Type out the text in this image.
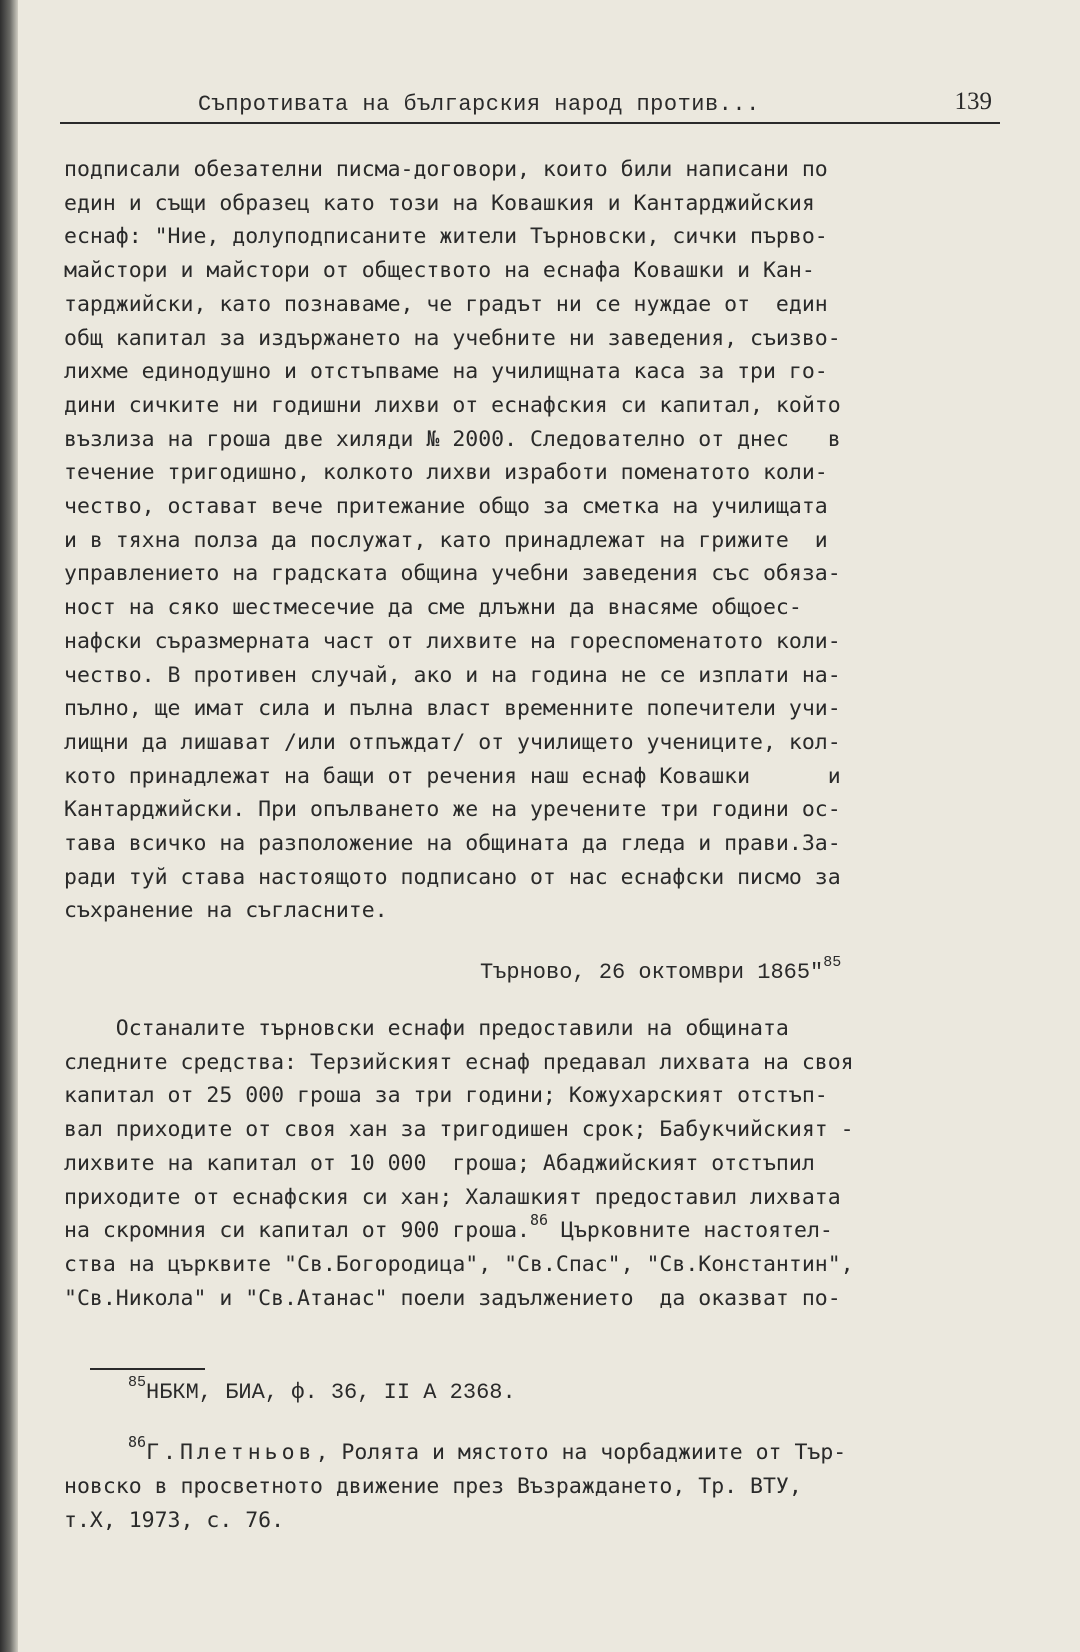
Съпротивата на българския народ против...	139
подписали обезателни писма-договори, които били написани по
един и същи образец като този на Ковашкия и Кантарджийския
еснаф: "Ние, долуподписаните жители Търновски, сички първо-
майстори и майстори от обществото на еснафа Ковашки и Кан-
тарджийски, като познаваме, че градът ни се нуждае от  един
общ капитал за издържането на учебните ни заведения, съизво-
лихме единодушно и отстъпваме на училищната каса за три го-
дини сичките ни годишни лихви от еснафския си капитал, който
възлиза на гроша две хиляди № 2000. Следователно от днес   в
течение тригодишно, колкото лихви изработи поменатото коли-
чество, остават вече притежание общо за сметка на училищата
и в тяхна полза да послужат, като принадлежат на грижите  и
управлението на градската община учебни заведения със обяза-
ност на сяко шестмесечие да сме длъжни да внасяме общоес-
нафски съразмерната част от лихвите на гореспоменатото коли-
чество. В противен случай, ако и на година не се изплати на-
пълно, ще имат сила и пълна власт временните попечители учи-
лищни да лишават /или отпъждат/ от училището учениците, кол-
кото принадлежат на бащи от речения наш еснаф Ковашки      и
Кантарджийски. При опълването же на уречените три години ос-
тава всичко на разположение на общината да гледа и прави.За-
ради туй става настоящото подписано от нас еснафски писмо за
съхранение на съгласните.
Търново, 26 октомври 1865"$^{85}$
Останалите търновски еснафи предоставили на общината
следните средства: Терзийският еснаф предавал лихвата на своя
капитал от 25 000 гроша за три години; Кожухарският отстъп-
вал приходите от своя хан за тригодишен срок; Бабукчийският -
лихвите на капитал от 10 000  гроша; Абаджийският отстъпил
приходите от еснафския си хан; Халашкият предоставил лихвата
на скромния си капитал от 900 гроша.$^{86}$ Църковните настоятел-
ства на църквите "Св.Богородица", "Св.Спас", "Св.Константин",
"Св.Никола" и "Св.Атанас" поели задължението  да оказват по-
$^{85}$НБКМ, БИА, ф. 36, II А 2368.
$^{86}$Г.Плетньов, Ролята и мястото на чорбаджиите от Тър-
новско в просветното движение през Възраждането, Тр. ВТУ,
т.Х, 1973, с. 76.
